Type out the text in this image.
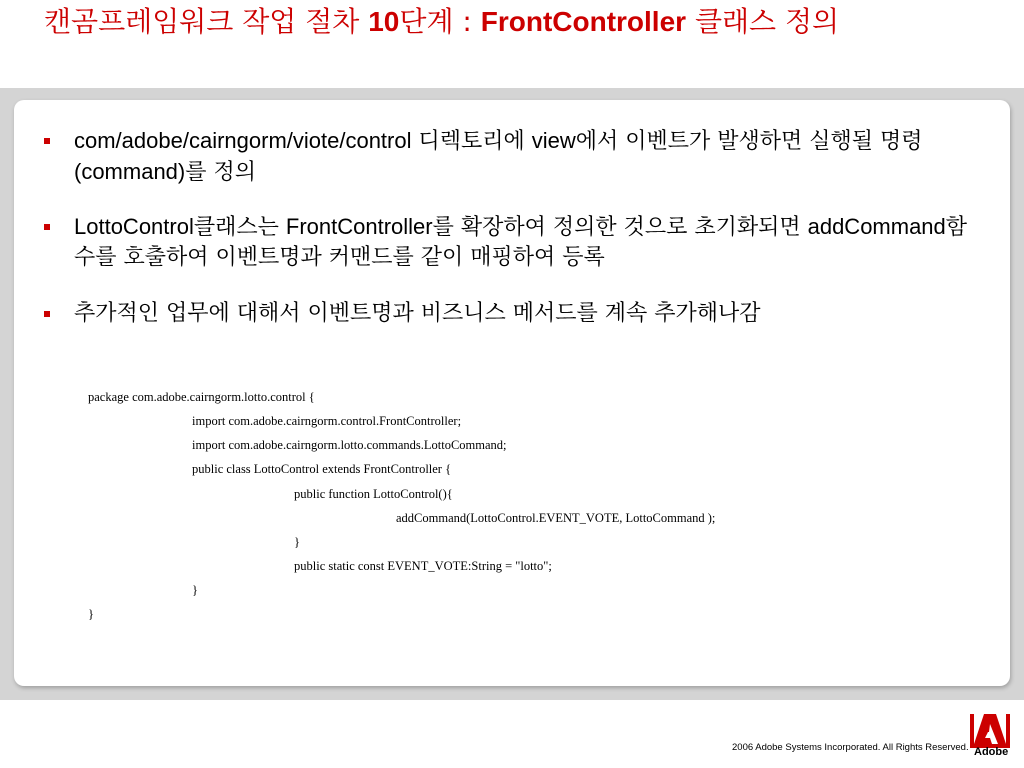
캔곰프레임워크 작업 절차 10단계 : FrontController 클래스 정의
com/adobe/cairngorm/viote/control 디렉토리에 view에서 이벤트가 발생하면 실행될 명령(command)를 정의
LottoControl클래스는 FrontController를 확장하여 정의한 것으로 초기화되면 addCommand함수를 호출하여 이벤트명과 커맨드를 같이 매핑하여 등록
추가적인 업무에 대해서 이벤트명과 비즈니스 메서드를 계속 추가해나감
package com.adobe.cairngorm.lotto.control {
import com.adobe.cairngorm.control.FrontController;
import com.adobe.cairngorm.lotto.commands.LottoCommand;
public class LottoControl extends FrontController {
public function LottoControl(){
addCommand(LottoControl.EVENT_VOTE, LottoCommand );
}
public static const EVENT_VOTE:String = "lotto";
}
}
2006 Adobe Systems Incorporated. All Rights Reserved. Adobe
